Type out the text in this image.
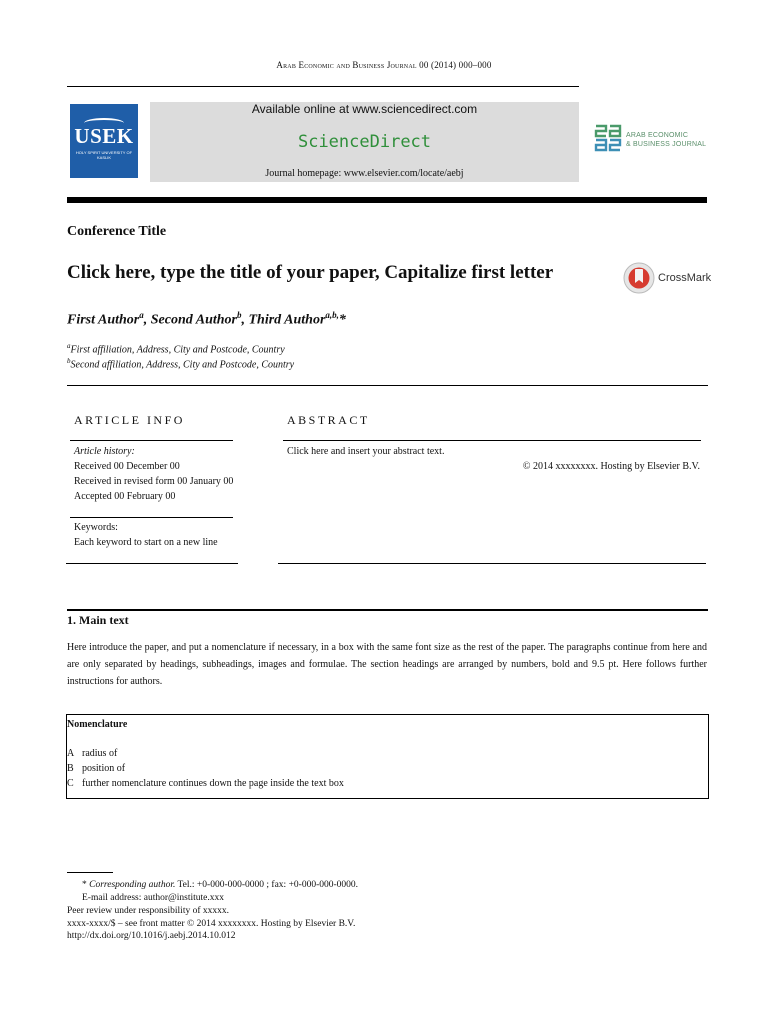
Arab Economic and Business Journal 00 (2014) 000–000
USEK
HOLY SPIRIT UNIVERSITY OF KASLIK
Available online at www.sciencedirect.com
ScienceDirect
Journal homepage: www.elsevier.com/locate/aebj
ARAB ECONOMIC
& BUSINESS JOURNAL
Conference Title
Click here, type the title of your paper, Capitalize first letter	CrossMark
First Author$^a$, Second Author$^b$, Third Author$^{a,b,}$*
$^a$First affiliation, Address, City and Postcode, Country
$^b$Second affiliation, Address, City and Postcode, Country
ARTICLE INFO
Article history:
Received 00 December 00
Received in revised form 00 January 00
Accepted 00 February 00
Keywords:
Each keyword to start on a new line
ABSTRACT
Click here and insert your abstract text.
© 2014 xxxxxxxx. Hosting by Elsevier B.V.
1. Main text
Here introduce the paper, and put a nomenclature if necessary, in a box with the same font size as the rest of the paper. The paragraphs continue from here and are only separated by headings, subheadings, images and formulae. The section headings are arranged by numbers, bold and 9.5 pt. Here follows further instructions for authors.
Nomenclature
A radius of
B position of
C further nomenclature continues down the page inside the text box
* Corresponding author. Tel.: +0-000-000-0000 ; fax: +0-000-000-0000.
E-mail address: author@institute.xxx
Peer review under responsibility of xxxxx.
xxxx-xxxx/$ – see front matter © 2014 xxxxxxxx. Hosting by Elsevier B.V.
http://dx.doi.org/10.1016/j.aebj.2014.10.012
